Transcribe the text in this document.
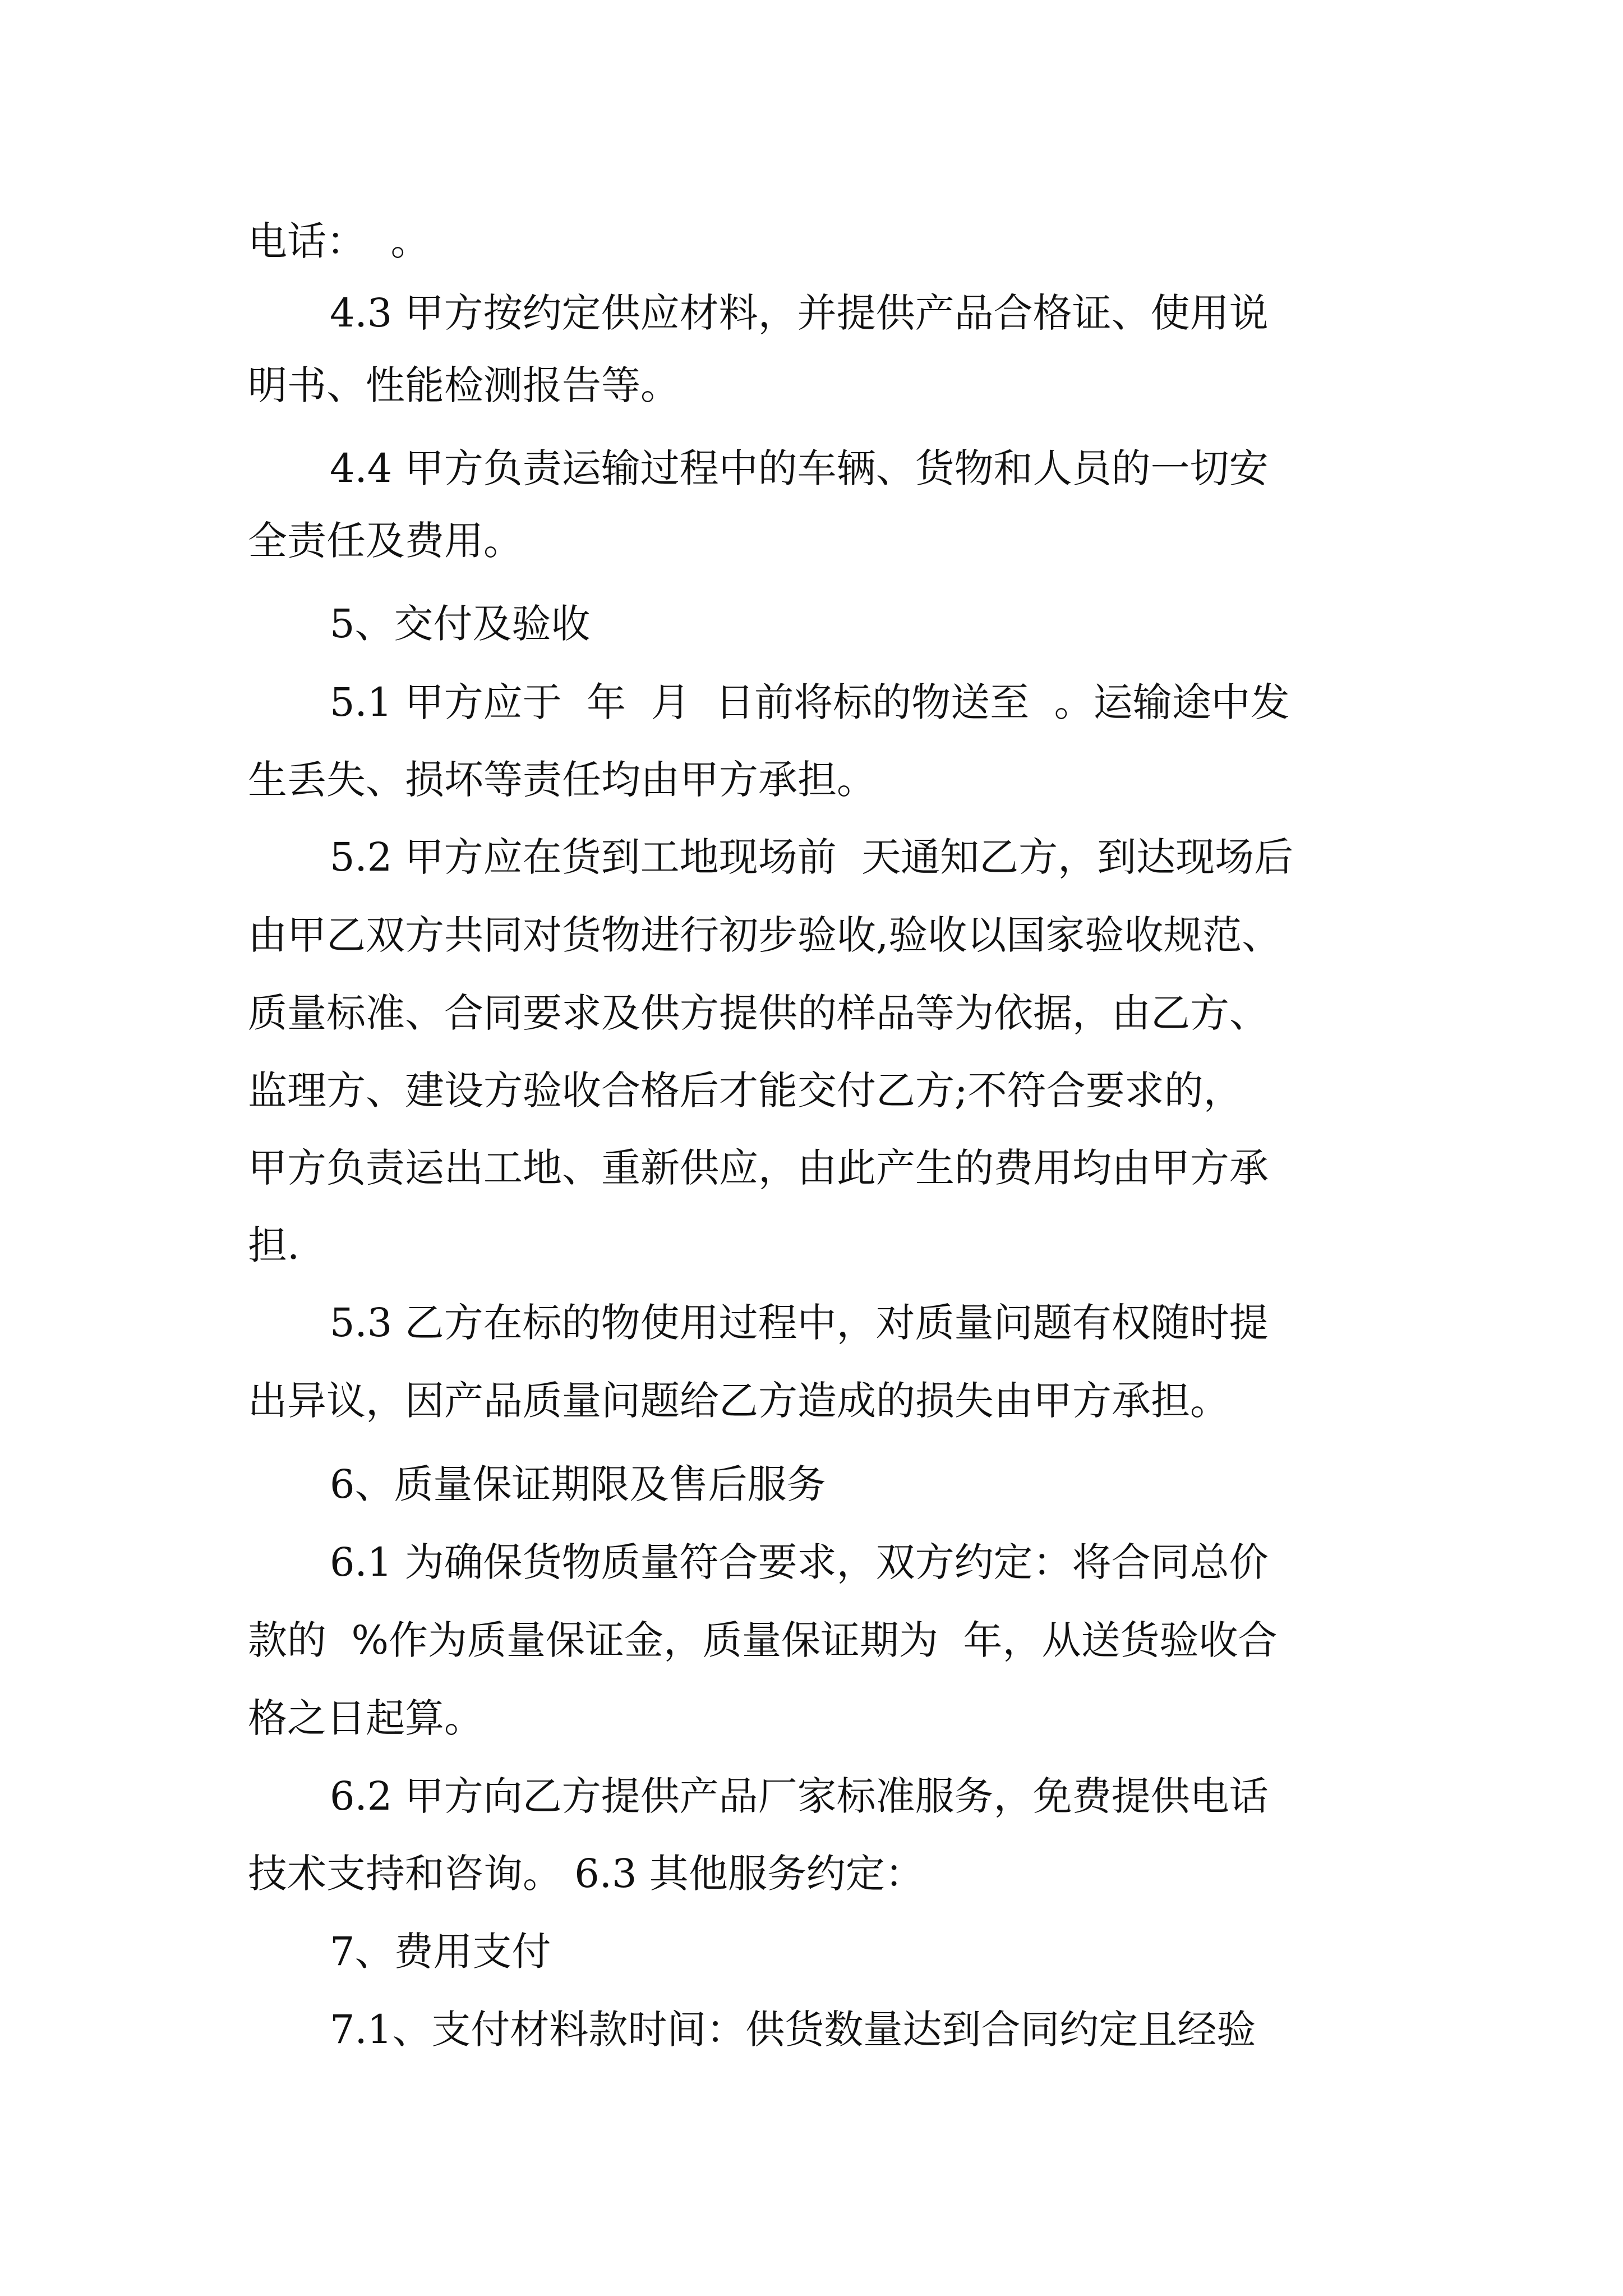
电话：  。

4.3 甲方按约定供应材料，并提供产品合格证、使用说

明书、性能检测报告等。

4.4 甲方负责运输过程中的车辆、货物和人员的一切安

全责任及费用。

5、交付及验收

5.1 甲方应于  年  月  日前将标的物送至  。运输途中发

生丢失、损坏等责任均由甲方承担。

5.2 甲方应在货到工地现场前  天通知乙方，到达现场后

由甲乙双方共同对货物进行初步验收,验收以国家验收规范、

质量标准、合同要求及供方提供的样品等为依据，由乙方、

监理方、建设方验收合格后才能交付乙方;不符合要求的，

甲方负责运出工地、重新供应，由此产生的费用均由甲方承

担.

5.3 乙方在标的物使用过程中，对质量问题有权随时提

出异议，因产品质量问题给乙方造成的损失由甲方承担。

6、质量保证期限及售后服务

6.1 为确保货物质量符合要求，双方约定：将合同总价

款的  %作为质量保证金，质量保证期为  年，从送货验收合

格之日起算。

6.2 甲方向乙方提供产品厂家标准服务，免费提供电话

技术支持和咨询。 6.3 其他服务约定：

7、费用支付

7.1、支付材料款时间：供货数量达到合同约定且经验
